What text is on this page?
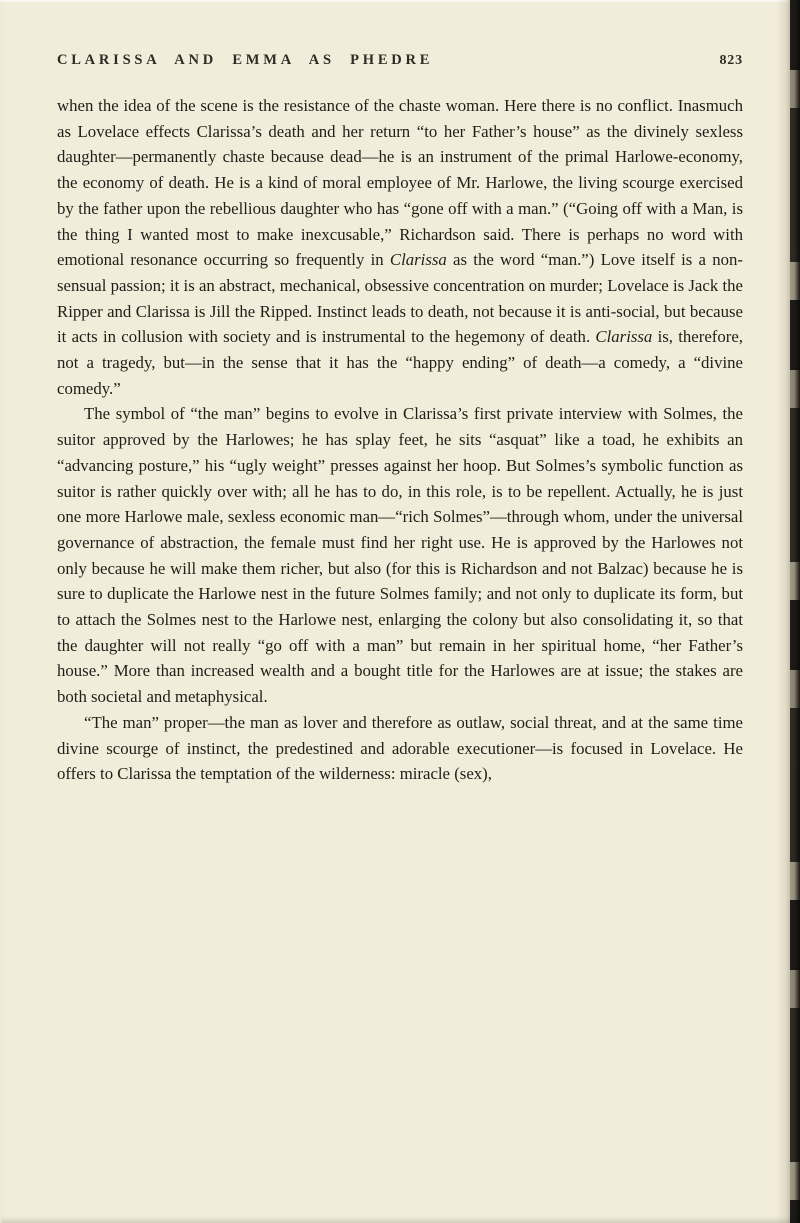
CLARISSA AND EMMA AS PHEDRE	823

when the idea of the scene is the resistance of the chaste woman. Here there is no conflict. Inasmuch as Lovelace effects Clarissa’s death and her return “to her Father’s house” as the divinely sexless daughter—permanently chaste because dead—he is an instrument of the primal Harlowe-economy, the economy of death. He is a kind of moral employee of Mr. Harlowe, the living scourge exercised by the father upon the rebellious daughter who has “gone off with a man.” (“Going off with a Man, is the thing I wanted most to make inexcusable,” Richardson said. There is perhaps no word with emotional resonance occurring so frequently in Clarissa as the word “man.”) Love itself is a non-sensual passion; it is an abstract, mechanical, obsessive concentration on murder; Lovelace is Jack the Ripper and Clarissa is Jill the Ripped. Instinct leads to death, not because it is anti-social, but because it acts in collusion with society and is instrumental to the hegemony of death. Clarissa is, therefore, not a tragedy, but—in the sense that it has the “happy ending” of death—a comedy, a “divine comedy.”

The symbol of “the man” begins to evolve in Clarissa’s first private interview with Solmes, the suitor approved by the Harlowes; he has splay feet, he sits “asquat” like a toad, he exhibits an “advancing posture,” his “ugly weight” presses against her hoop. But Solmes’s symbolic function as suitor is rather quickly over with; all he has to do, in this role, is to be repellent. Actually, he is just one more Harlowe male, sexless economic man—“rich Solmes”—through whom, under the universal governance of abstraction, the female must find her right use. He is approved by the Harlowes not only because he will make them richer, but also (for this is Richardson and not Balzac) because he is sure to duplicate the Harlowe nest in the future Solmes family; and not only to duplicate its form, but to attach the Solmes nest to the Harlowe nest, enlarging the colony but also consolidating it, so that the daughter will not really “go off with a man” but remain in her spiritual home, “her Father’s house.” More than increased wealth and a bought title for the Harlowes are at issue; the stakes are both societal and metaphysical.

“The man” proper—the man as lover and therefore as outlaw, social threat, and at the same time divine scourge of instinct, the predestined and adorable executioner—is focused in Lovelace. He offers to Clarissa the temptation of the wilderness: miracle (sex),
